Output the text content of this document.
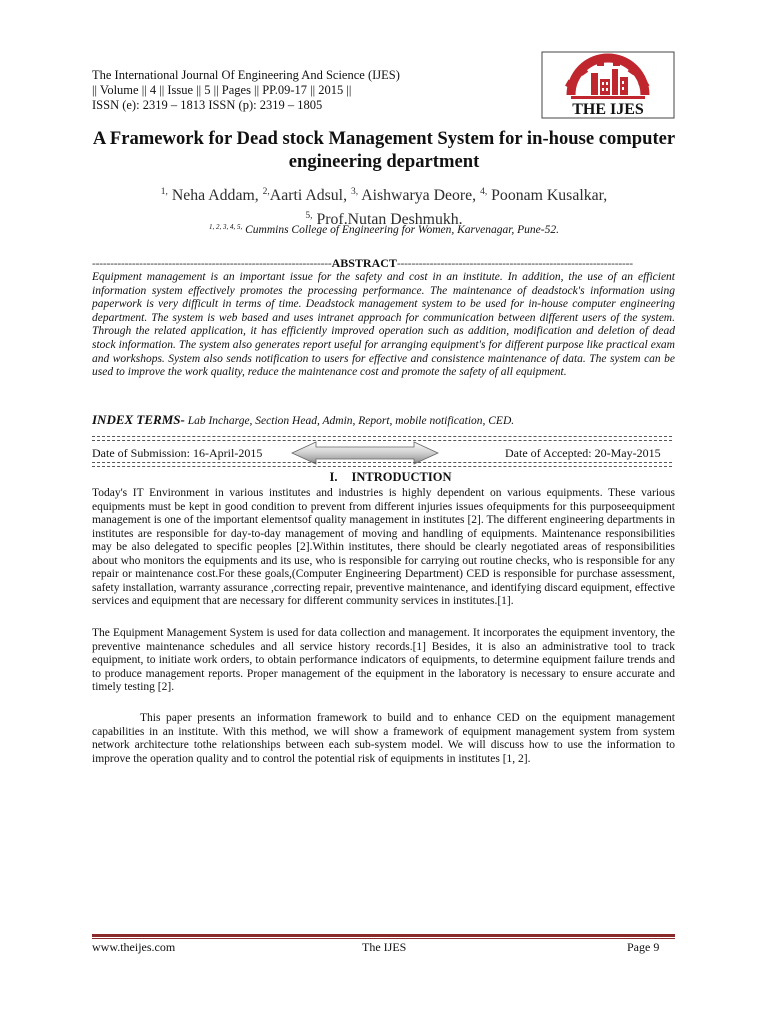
The International Journal Of Engineering And Science (IJES)
|| Volume || 4 || Issue || 5 || Pages || PP.09-17 || 2015 ||
ISSN (e): 2319 – 1813 ISSN (p): 2319 – 1805	THE IJES
A Framework for Dead stock Management System for in-house computer engineering department
$^{1,}$ Neha Addam, $^{2,}$Aarti Adsul, $^{3,}$ Aishwarya Deore, $^{4,}$ Poonam Kusalkar,
$^{5,}$ Prof.Nutan Deshmukh.
$^{1, 2, 3, 4, 5,}$ Cummins College of Engineering for Women, Karvenagar, Pune-52.
------------------------------------------------------------------ABSTRACT-----------------------------------------------------------------
Equipment management is an important issue for the safety and cost in an institute. In addition, the use of an efficient information system effectively promotes the processing performance. The maintenance of deadstock's information using paperwork is very difficult in terms of time. Deadstock management system to be used for in-house computer engineering department. The system is web based and uses intranet approach for communication between different users of the system. Through the related application, it has efficiently improved operation such as addition, modification and deletion of dead stock information. The system also generates report useful for arranging equipment's for different purpose like practical exam and workshops. System also sends notification to users for effective and consistence maintenance of data. The system can be used to improve the work quality, reduce the maintenance cost and promote the safety of all equipment.
INDEX TERMS- Lab Incharge, Section Head, Admin, Report, mobile notification, CED.
Date of Submission: 16-April-2015	Date of Accepted: 20-May-2015
I. INTRODUCTION
Today's IT Environment in various institutes and industries is highly dependent on various equipments. These various equipments must be kept in good condition to prevent from different injuries issues ofequipments for this purposeequipment management is one of the important elementsof quality management in institutes [2]. The different engineering departments in institutes are responsible for day-to-day management of moving and handling of equipments. Maintenance responsibilities may be also delegated to specific peoples [2].Within institutes, there should be clearly negotiated areas of responsibilities about who monitors the equipments and its use, who is responsible for carrying out routine checks, who is responsible for any repair or maintenance cost.For these goals,(Computer Engineering Department) CED is responsible for purchase assessment, safety installation, warranty assurance ,correcting repair, preventive maintenance, and identifying discard equipment, effective services and equipment that are necessary for different community services in institutes.[1].
The Equipment Management System is used for data collection and management. It incorporates the equipment inventory, the preventive maintenance schedules and all service history records.[1] Besides, it is also an administrative tool to track equipment, to initiate work orders, to obtain performance indicators of equipments, to determine equipment failure trends and to produce management reports. Proper management of the equipment in the laboratory is necessary to ensure accurate and timely testing [2].
This paper presents an information framework to build and to enhance CED on the equipment management capabilities in an institute. With this method, we will show a framework of equipment management system from system network architecture tothe relationships between each sub-system model. We will discuss how to use the information to improve the operation quality and to control the potential risk of equipments in institutes [1, 2].
www.theijes.com	The IJES	Page 9
